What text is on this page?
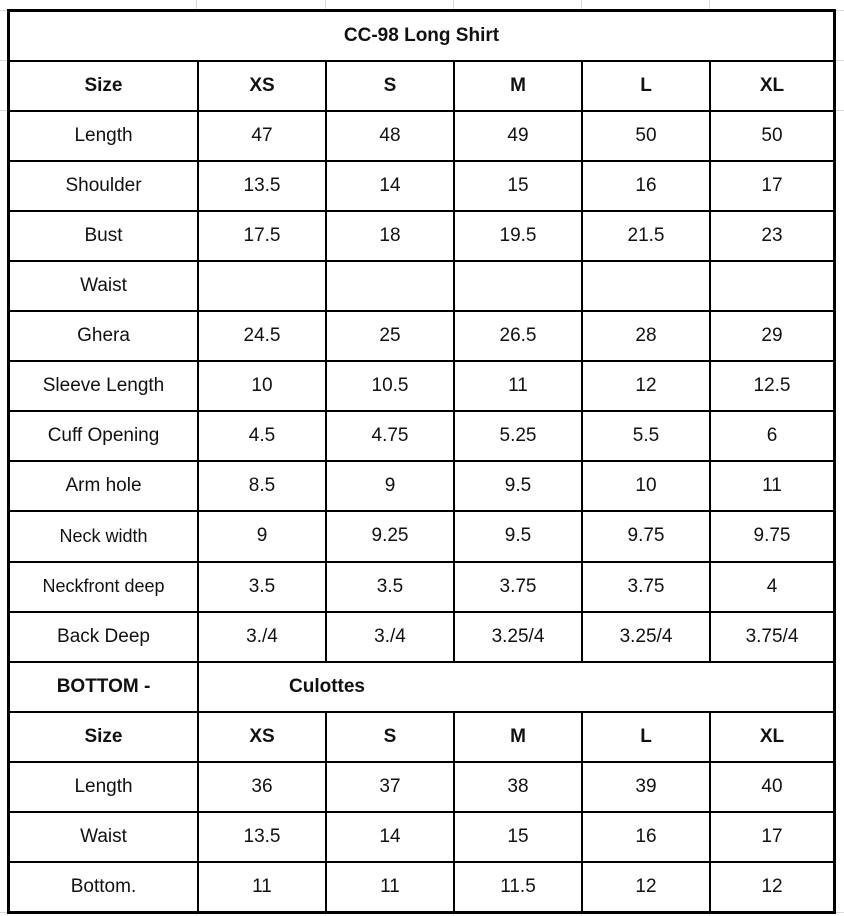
CC-98 Long Shirt					
Size	XS	S	M	L	XL
Length	47	48	49	50	50
Shoulder	13.5	14	15	16	17
Bust	17.5	18	19.5	21.5	23
Waist					
Ghera	24.5	25	26.5	28	29
Sleeve Length	10	10.5	11	12	12.5
Cuff Opening	4.5	4.75	5.25	5.5	6
Arm hole	8.5	9	9.5	10	11
Neck width	9	9.25	9.5	9.75	9.75
Neckfront deep	3.5	3.5	3.75	3.75	4
Back Deep	3./4	3./4	3.25/4	3.25/4	3.75/4
BOTTOM -	Culottes				
Size	XS	S	M	L	XL
Length	36	37	38	39	40
Waist	13.5	14	15	16	17
Bottom.	11	11	11.5	12	12
